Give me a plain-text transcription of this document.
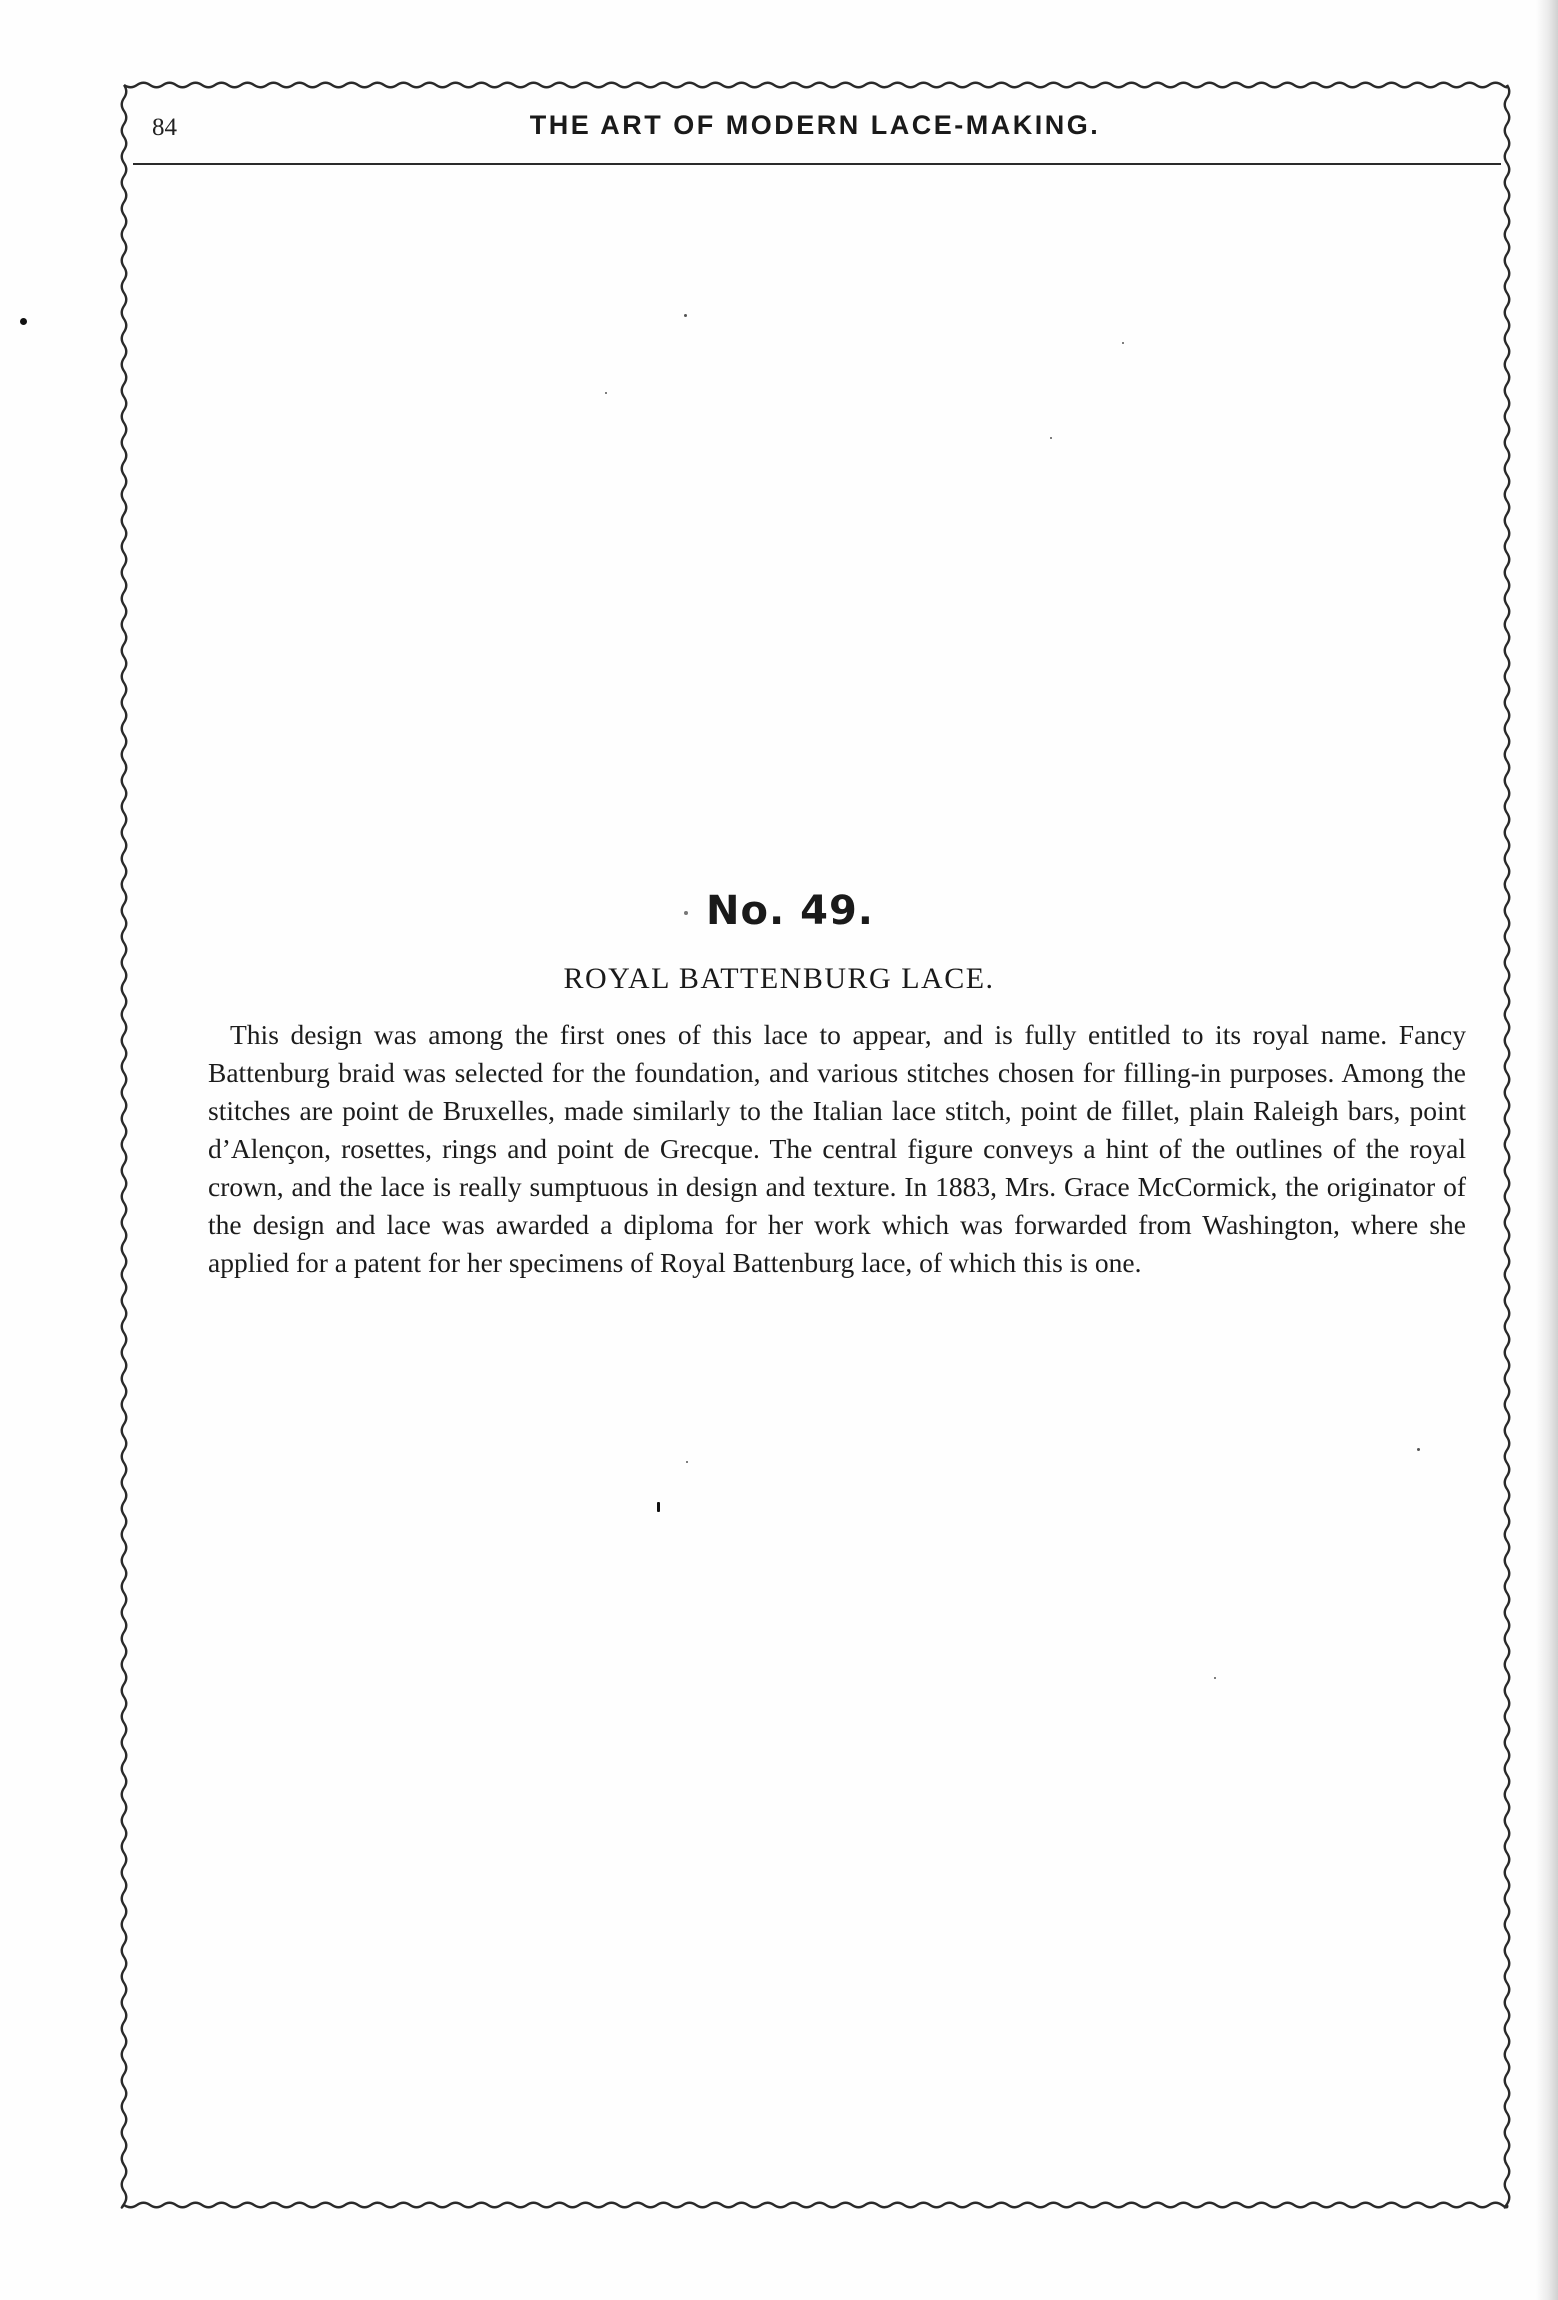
84	THE ART OF MODERN LACE-MAKING.
No. 49.
ROYAL BATTENBURG LACE.

This design was among the first ones of this lace to appear, and is fully entitled to its royal name. Fancy Battenburg braid was selected for the foundation, and various stitches chosen for filling-in purposes. Among the stitches are point de Bruxelles, made similarly to the Italian lace stitch, point de fillet, plain Raleigh bars, point d’Alençon, rosettes, rings and point de Grecque. The central figure conveys a hint of the outlines of the royal crown, and the lace is really sumptuous in design and texture. In 1883, Mrs. Grace McCormick, the originator of the design and lace was awarded a diploma for her work which was forwarded from Washington, where she applied for a patent for her specimens of Royal Battenburg lace, of which this is one.
